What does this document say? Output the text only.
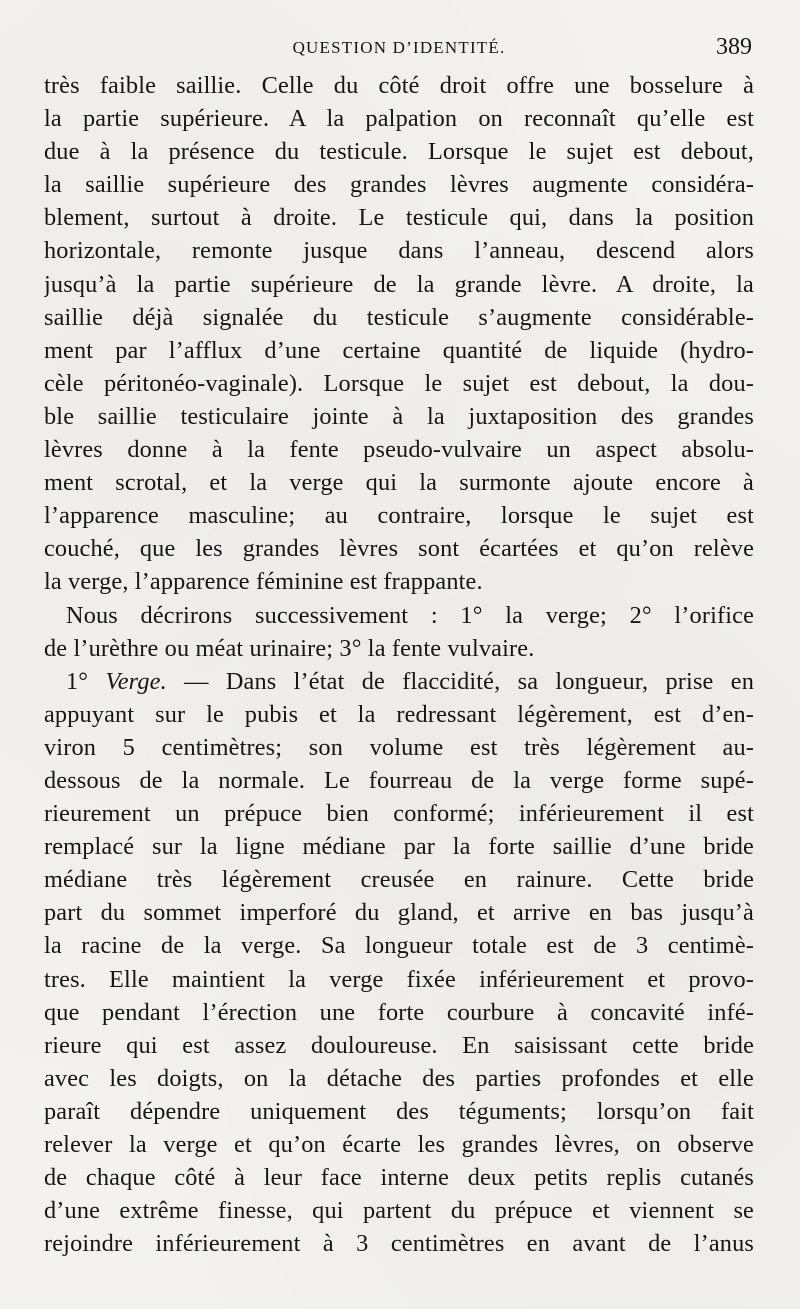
QUESTION D’IDENTITÉ.	389
très faible saillie. Celle du côté droit offre une bosselure à
la partie supérieure. A la palpation on reconnaît qu’elle est
due à la présence du testicule. Lorsque le sujet est debout,
la saillie supérieure des grandes lèvres augmente considéra-
blement, surtout à droite. Le testicule qui, dans la position
horizontale, remonte jusque dans l’anneau, descend alors
jusqu’à la partie supérieure de la grande lèvre. A droite, la
saillie déjà signalée du testicule s’augmente considérable-
ment par l’afflux d’une certaine quantité de liquide (hydro-
cèle péritonéo-vaginale). Lorsque le sujet est debout, la dou-
ble saillie testiculaire jointe à la juxtaposition des grandes
lèvres donne à la fente pseudo-vulvaire un aspect absolu-
ment scrotal, et la verge qui la surmonte ajoute encore à
l’apparence masculine; au contraire, lorsque le sujet est
couché, que les grandes lèvres sont écartées et qu’on relève
la verge, l’apparence féminine est frappante.
Nous décrirons successivement : 1° la verge; 2° l’orifice
de l’urèthre ou méat urinaire; 3° la fente vulvaire.
1° Verge. — Dans l’état de flaccidité, sa longueur, prise en
appuyant sur le pubis et la redressant légèrement, est d’en-
viron 5 centimètres; son volume est très légèrement au-
dessous de la normale. Le fourreau de la verge forme supé-
rieurement un prépuce bien conformé; inférieurement il est
remplacé sur la ligne médiane par la forte saillie d’une bride
médiane très légèrement creusée en rainure. Cette bride
part du sommet imperforé du gland, et arrive en bas jusqu’à
la racine de la verge. Sa longueur totale est de 3 centimè-
tres. Elle maintient la verge fixée inférieurement et provo-
que pendant l’érection une forte courbure à concavité infé-
rieure qui est assez douloureuse. En saisissant cette bride
avec les doigts, on la détache des parties profondes et elle
paraît dépendre uniquement des téguments; lorsqu’on fait
relever la verge et qu’on écarte les grandes lèvres, on observe
de chaque côté à leur face interne deux petits replis cutanés
d’une extrême finesse, qui partent du prépuce et viennent se
rejoindre inférieurement à 3 centimètres en avant de l’anus
